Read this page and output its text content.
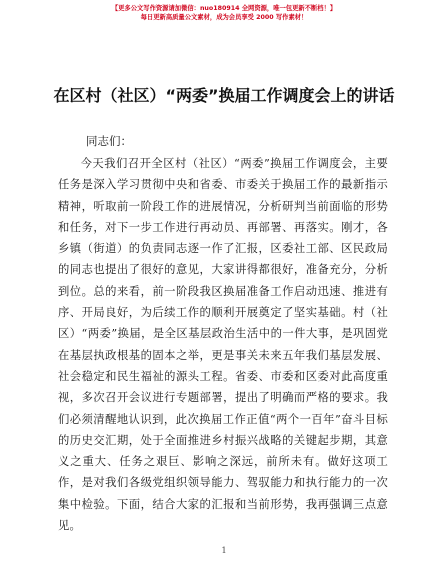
【更多公文写作资源请加微信：nuo180914 全网资源，唯一包更新不断档！】
每日更新高质量公文素材，成为会员享受 2000 写作素材！
在区村（社区）“两委”换届工作调度会上的讲话
同志们：

今天我们召开全区村（社区）“两委”换届工作调度会，主要任务是深入学习贯彻中央和省委、市委关于换届工作的最新指示精神，听取前一阶段工作的进展情况，分析研判当前面临的形势和任务，对下一步工作进行再动员、再部署、再落实。刚才，各乡镇（街道）的负责同志逐一作了汇报，区委社工部、区民政局的同志也提出了很好的意见，大家讲得都很好，准备充分，分析到位。总的来看，前一阶段我区换届准备工作启动迅速、推进有序、开局良好，为后续工作的顺利开展奠定了坚实基础。村（社区）“两委”换届，是全区基层政治生活中的一件大事，是巩固党在基层执政根基的固本之举，更是事关未来五年我们基层发展、社会稳定和民生福祉的源头工程。省委、市委和区委对此高度重视，多次召开会议进行专题部署，提出了明确而严格的要求。我们必须清醒地认识到，此次换届工作正值“两个一百年”奋斗目标的历史交汇期，处于全面推进乡村振兴战略的关键起步期，其意义之重大、任务之艰巨、影响之深远，前所未有。做好这项工作，是对我们各级党组织领导能力、驾驭能力和执行能力的一次集中检验。下面，结合大家的汇报和当前形势，我再强调三点意见。

1
